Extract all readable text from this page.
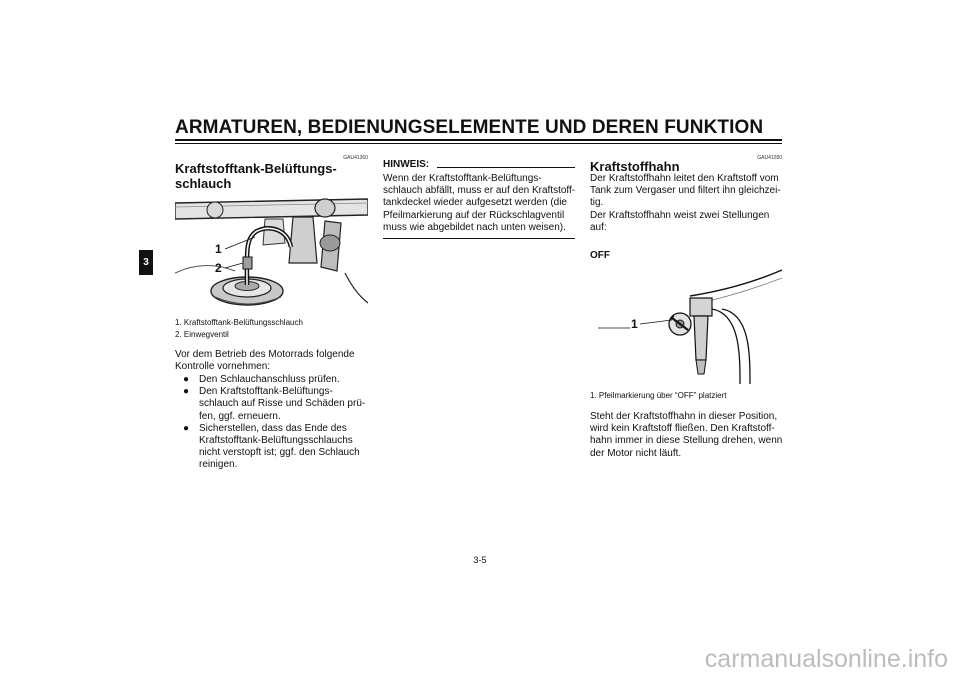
ARMATUREN, BEDIENUNGSELEMENTE UND DEREN FUNKTION
3
GAU41360
Kraftstofftank-Belüftungs-
schlauch
1
2
1. Kraftstofftank-Belüftungsschlauch
2. Einwegventil
Vor dem Betrieb des Motorrads folgende
Kontrolle vornehmen:
● Den Schlauchanschluss prüfen.
● Den Kraftstofftank-Belüftungs-
schlauch auf Risse und Schäden prü-
fen, ggf. erneuern.
● Sicherstellen, dass das Ende des
Kraftstofftank-Belüftungsschlauchs
nicht verstopft ist; ggf. den Schlauch
reinigen.
HINWEIS:
Wenn der Kraftstofftank-Belüftungs-
schlauch abfällt, muss er auf den Kraftstoff-
tankdeckel wieder aufgesetzt werden (die
Pfeilmarkierung auf der Rückschlagventil
muss wie abgebildet nach unten weisen).
GAU41280
Kraftstoffhahn
Der Kraftstoffhahn leitet den Kraftstoff vom
Tank zum Vergaser und filtert ihn gleichzei-
tig.
Der Kraftstoffhahn weist zwei Stellungen
auf:
OFF
1
1. Pfeilmarkierung über “OFF” platziert
Steht der Kraftstoffhahn in dieser Position,
wird kein Kraftstoff fließen. Den Kraftstoff-
hahn immer in diese Stellung drehen, wenn
der Motor nicht läuft.
3-5
carmanualsonline.info
